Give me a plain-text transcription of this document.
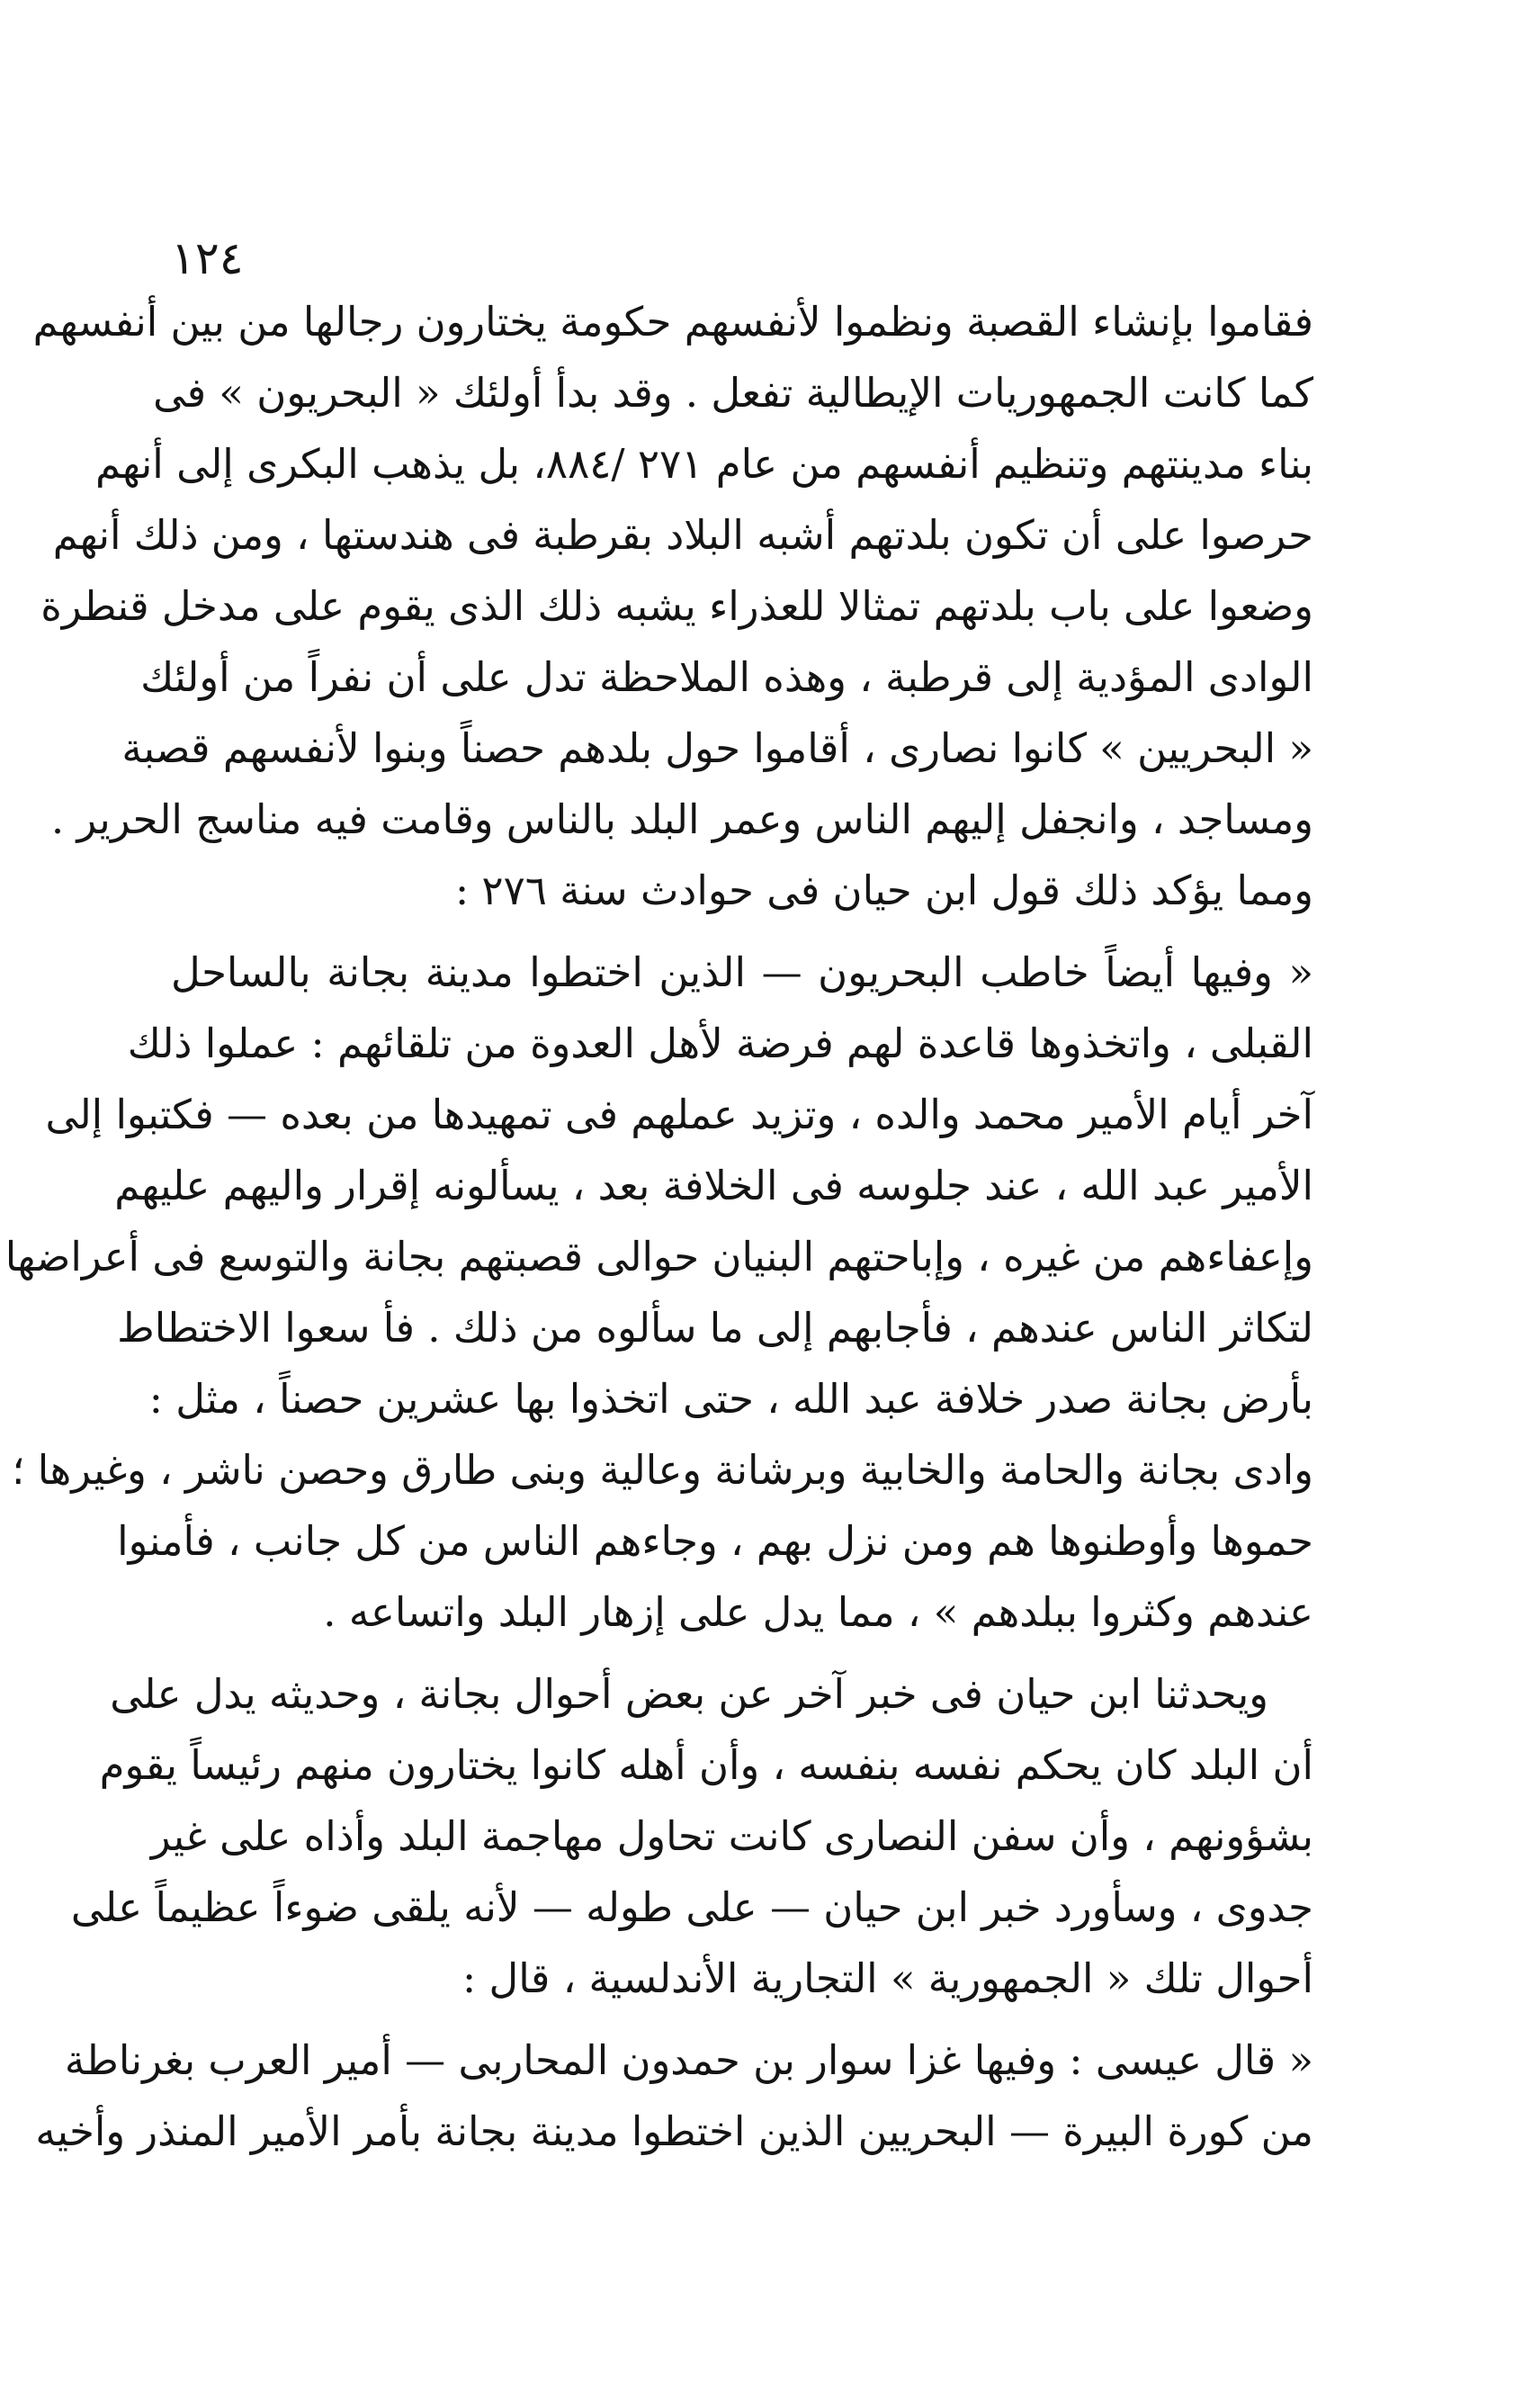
١٢٤
فقاموا بإنشاء القصبة ونظموا لأنفسهم حكومة يختارون رجالها من بين أنفسهم
كما كانت الجمهوريات الإيطالية تفعل . وقد بدأ أولئك « البحريون » فى
بناء مدينتهم وتنظيم أنفسهم من عام ٢٧١ /٨٨٤، بل يذهب البكرى إلى أنهم
حرصوا على أن تكون بلدتهم أشبه البلاد بقرطبة فى هندستها ، ومن ذلك أنهم
وضعوا على باب بلدتهم تمثالا للعذراء يشبه ذلك الذى يقوم على مدخل قنطرة
الوادى المؤدية إلى قرطبة ، وهذه الملاحظة تدل على أن نفراً من أولئك
« البحريين » كانوا نصارى ، أقاموا حول بلدهم حصناً وبنوا لأنفسهم قصبة
ومساجد ، وانجفل إليهم الناس وعمر البلد بالناس وقامت فيه مناسج الحرير .
ومما يؤكد ذلك قول ابن حيان فى حوادث سنة ٢٧٦ :
« وفيها أيضاً خاطب البحريون — الذين اختطوا مدينة بجانة بالساحل
القبلى ، واتخذوها قاعدة لهم فرضة لأهل العدوة من تلقائهم : عملوا ذلك
آخر أيام الأمير محمد والده ، وتزيد عملهم فى تمهيدها من بعده — فكتبوا إلى
الأمير عبد الله ، عند جلوسه فى الخلافة بعد ، يسألونه إقرار واليهم عليهم
وإعفاءهم من غيره ، وإباحتهم البنيان حوالى قصبتهم بجانة والتوسع فى أعراضها
لتكاثر الناس عندهم ، فأجابهم إلى ما سألوه من ذلك . فأ سعوا الاختطاط
بأرض بجانة صدر خلافة عبد الله ، حتى اتخذوا بها عشرين حصناً ، مثل :
وادى بجانة والحامة والخابية وبرشانة وعالية وبنى طارق وحصن ناشر ، وغيرها ؛
حموها وأوطنوها هم ومن نزل بهم ، وجاءهم الناس من كل جانب ، فأمنوا
عندهم وكثروا ببلدهم » ، مما يدل على إزهار البلد واتساعه .
ويحدثنا ابن حيان فى خبر آخر عن بعض أحوال بجانة ، وحديثه يدل على
أن البلد كان يحكم نفسه بنفسه ، وأن أهله كانوا يختارون منهم رئيساً يقوم
بشؤونهم ، وأن سفن النصارى كانت تحاول مهاجمة البلد وأذاه على غير
جدوى ، وسأورد خبر ابن حيان — على طوله — لأنه يلقى ضوءاً عظيماً على
أحوال تلك « الجمهورية » التجارية الأندلسية ، قال :
« قال عيسى : وفيها غزا سوار بن حمدون المحاربى — أمير العرب بغرناطة
من كورة البيرة — البحريين الذين اختطوا مدينة بجانة بأمر الأمير المنذر وأخيه
